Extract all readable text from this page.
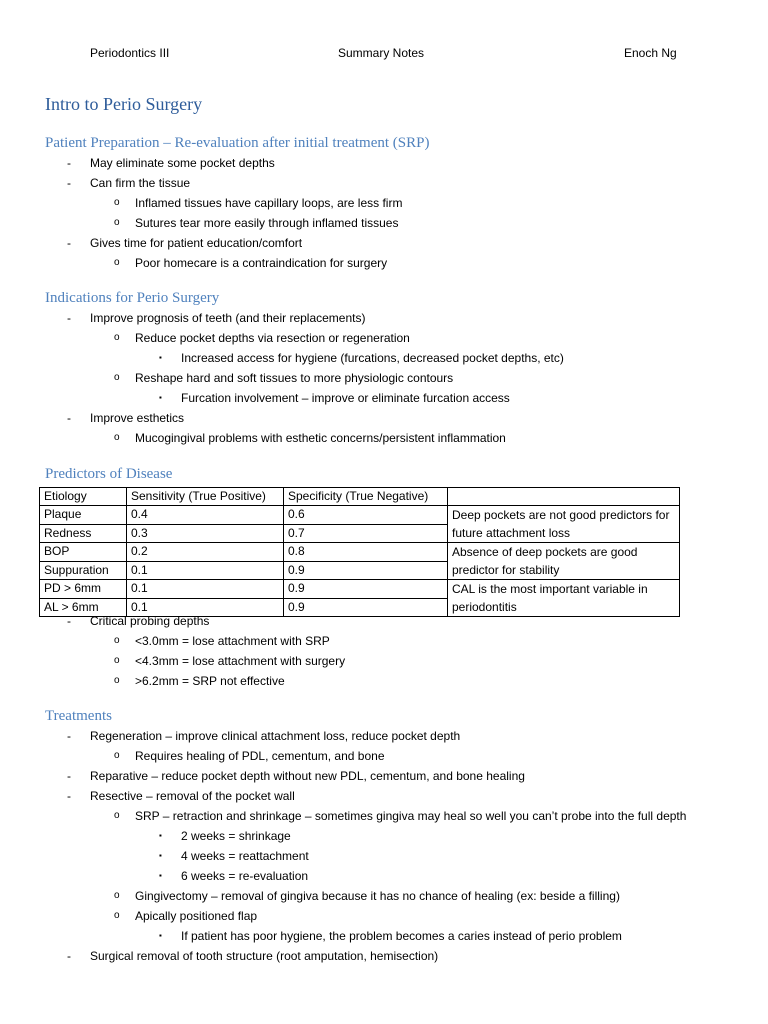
Periodontics III	Summary Notes	Enoch Ng
Intro to Perio Surgery
Patient Preparation – Re-evaluation after initial treatment (SRP)
- May eliminate some pocket depths
- Can firm the tissue
o Inflamed tissues have capillary loops, are less firm
o Sutures tear more easily through inflamed tissues
- Gives time for patient education/comfort
o Poor homecare is a contraindication for surgery
Indications for Perio Surgery
- Improve prognosis of teeth (and their replacements)
o Reduce pocket depths via resection or regeneration
▪ Increased access for hygiene (furcations, decreased pocket depths, etc)
o Reshape hard and soft tissues to more physiologic contours
▪ Furcation involvement – improve or eliminate furcation access
- Improve esthetics
o Mucogingival problems with esthetic concerns/persistent inflammation
Predictors of Disease
Etiology	Sensitivity (True Positive)	Specificity (True Negative)	
Plaque	0.4	0.6	Deep pockets are not good predictors for future attachment loss
Redness	0.3	0.7	
BOP	0.2	0.8	Absence of deep pockets are good predictor for stability
Suppuration	0.1	0.9	
PD > 6mm	0.1	0.9	CAL is the most important variable in periodontitis
AL > 6mm	0.1	0.9	
- Critical probing depths
o <3.0mm = lose attachment with SRP
o <4.3mm = lose attachment with surgery
o >6.2mm = SRP not effective
Treatments
- Regeneration – improve clinical attachment loss, reduce pocket depth
o Requires healing of PDL, cementum, and bone
- Reparative – reduce pocket depth without new PDL, cementum, and bone healing
- Resective – removal of the pocket wall
o SRP – retraction and shrinkage – sometimes gingiva may heal so well you can’t probe into the full depth
▪ 2 weeks = shrinkage
▪ 4 weeks = reattachment
▪ 6 weeks = re-evaluation
o Gingivectomy – removal of gingiva because it has no chance of healing (ex: beside a filling)
o Apically positioned flap
▪ If patient has poor hygiene, the problem becomes a caries instead of perio problem
- Surgical removal of tooth structure (root amputation, hemisection)
